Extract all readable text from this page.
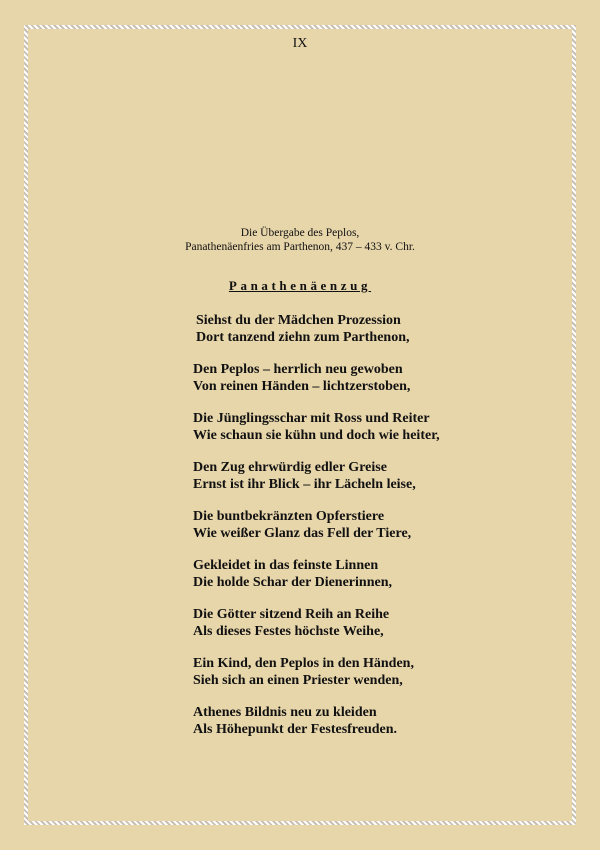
IX
Die Übergabe des Peplos,
Panathenäenfries am Parthenon, 437 – 433 v. Chr.
Panathenäenzug
Siehst du der Mädchen Prozession
Dort tanzend ziehn zum Parthenon,
Den Peplos – herrlich neu gewoben
Von reinen Händen – lichtzerstoben,
Die Jünglingsschar mit Ross und Reiter
Wie schaun sie kühn und doch wie heiter,
Den Zug ehrwürdig edler Greise
Ernst ist ihr Blick – ihr Lächeln leise,
Die buntbekränzten Opferstiere
Wie weißer Glanz das Fell der Tiere,
Gekleidet in das feinste Linnen
Die holde Schar der Dienerinnen,
Die Götter sitzend Reih an Reihe
Als dieses Festes höchste Weihe,
Ein Kind, den Peplos in den Händen,
Sieh sich an einen Priester wenden,
Athenes Bildnis neu zu kleiden
Als Höhepunkt der Festesfreuden.
